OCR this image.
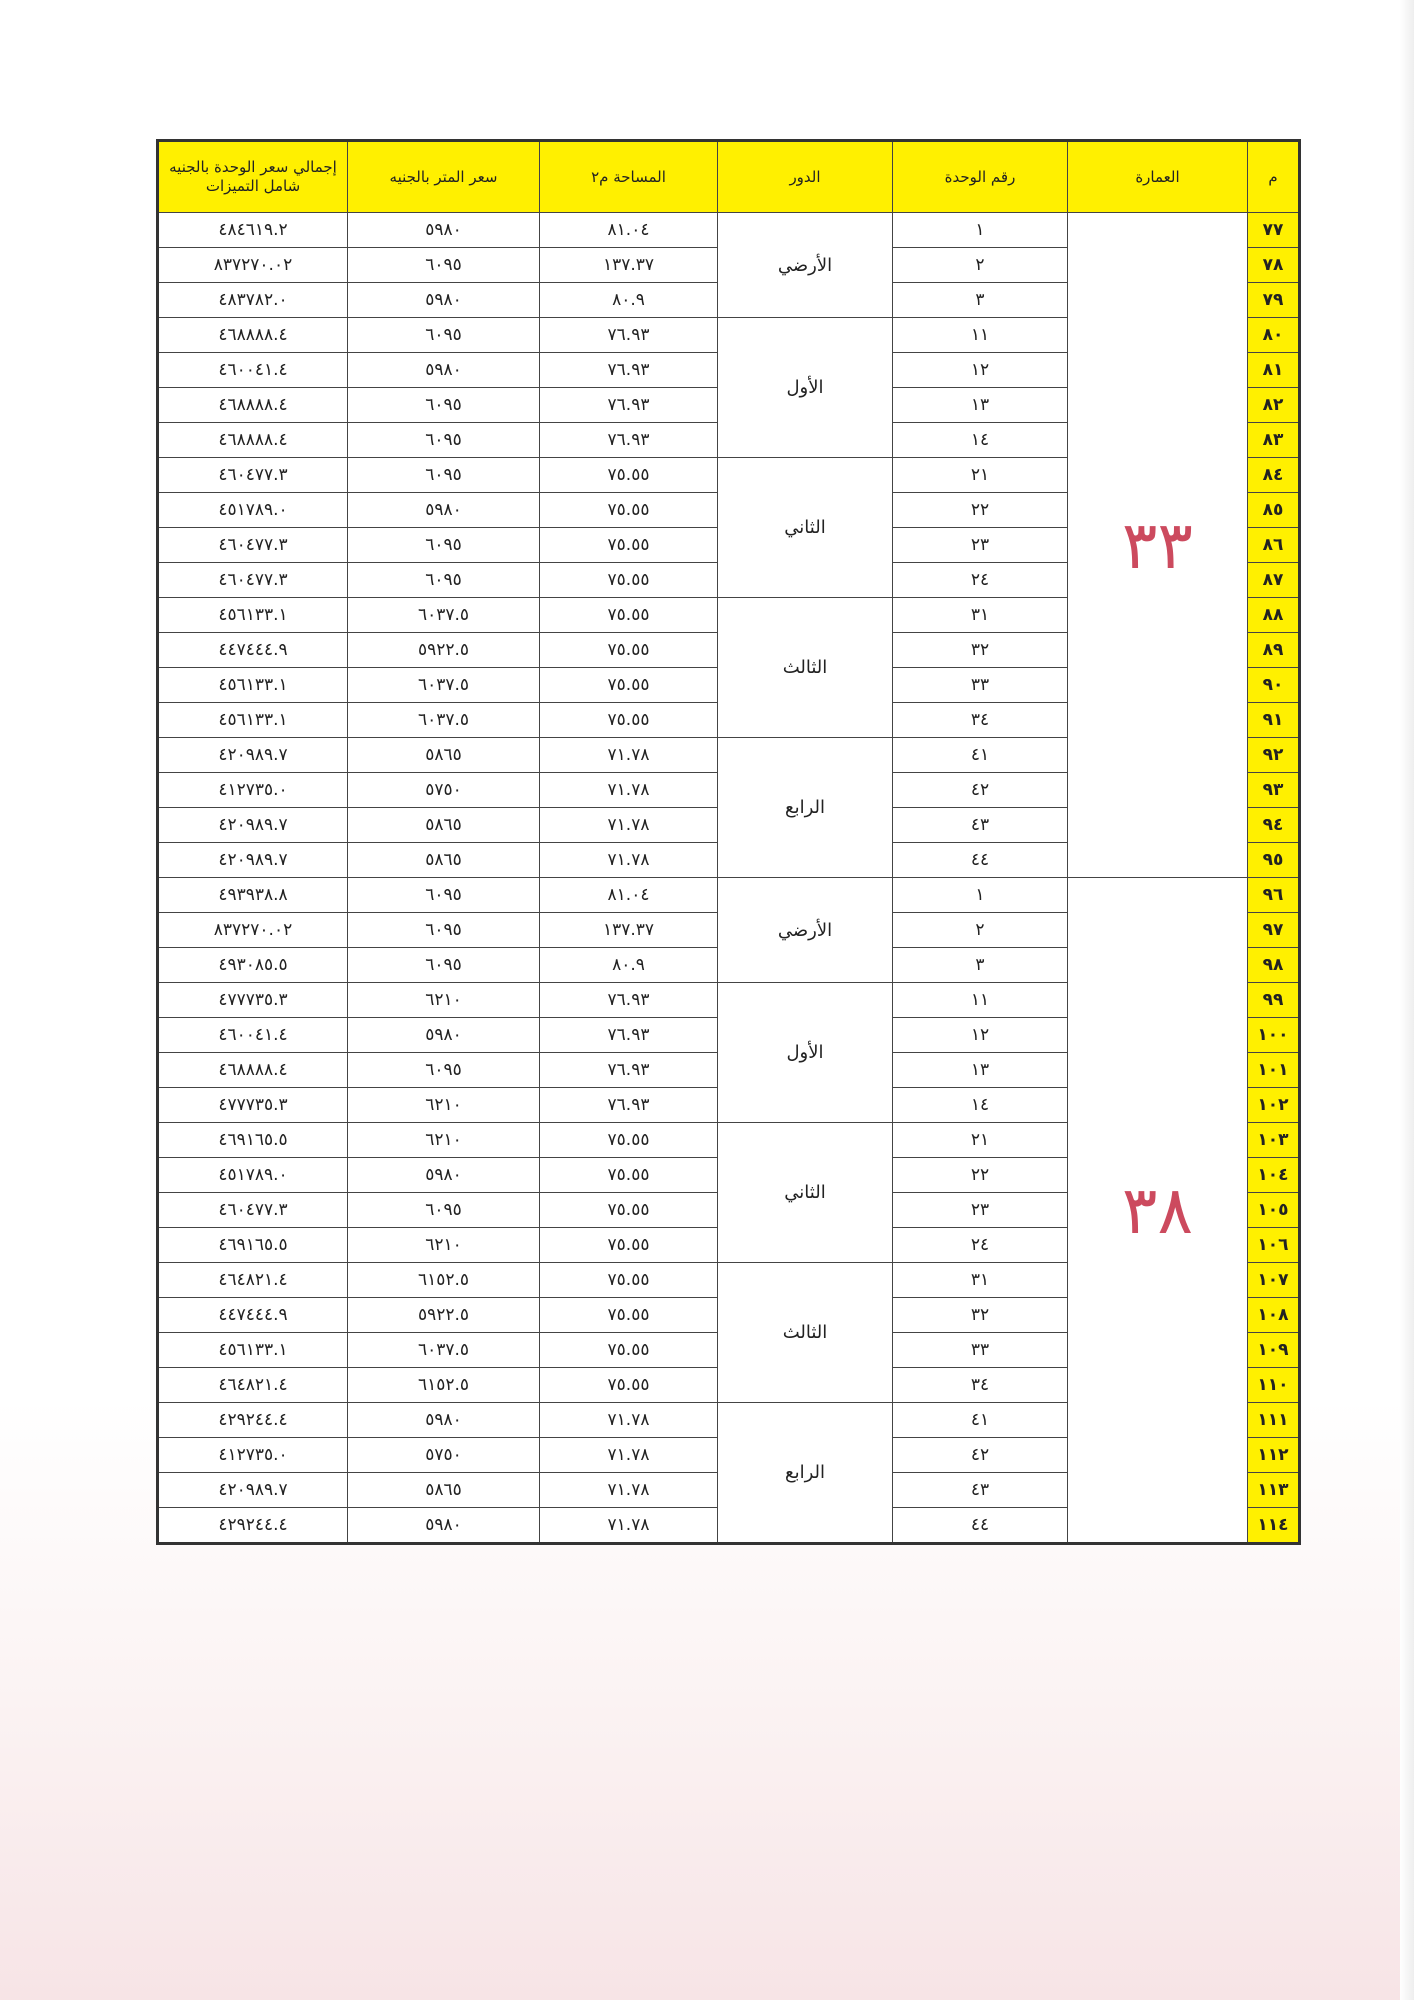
م	العمارة	رقم الوحدة	الدور	المساحة م٢	سعر المتر بالجنيه	إجمالي سعر الوحدة بالجنيه شامل التميزات
٧٧	٣٣	١	الأرضي	٨١.٠٤	٥٩٨٠	٤٨٤٦١٩.٢
٧٨		٢		١٣٧.٣٧	٦٠٩٥	٨٣٧٢٧٠.٠٢
٧٩		٣		٨٠.٩	٥٩٨٠	٤٨٣٧٨٢.٠
٨٠		١١	الأول	٧٦.٩٣	٦٠٩٥	٤٦٨٨٨٨.٤
٨١		١٢		٧٦.٩٣	٥٩٨٠	٤٦٠٠٤١.٤
٨٢		١٣		٧٦.٩٣	٦٠٩٥	٤٦٨٨٨٨.٤
٨٣		١٤		٧٦.٩٣	٦٠٩٥	٤٦٨٨٨٨.٤
٨٤		٢١	الثاني	٧٥.٥٥	٦٠٩٥	٤٦٠٤٧٧.٣
٨٥		٢٢		٧٥.٥٥	٥٩٨٠	٤٥١٧٨٩.٠
٨٦		٢٣		٧٥.٥٥	٦٠٩٥	٤٦٠٤٧٧.٣
٨٧		٢٤		٧٥.٥٥	٦٠٩٥	٤٦٠٤٧٧.٣
٨٨		٣١	الثالث	٧٥.٥٥	٦٠٣٧.٥	٤٥٦١٣٣.١
٨٩		٣٢		٧٥.٥٥	٥٩٢٢.٥	٤٤٧٤٤٤.٩
٩٠		٣٣		٧٥.٥٥	٦٠٣٧.٥	٤٥٦١٣٣.١
٩١		٣٤		٧٥.٥٥	٦٠٣٧.٥	٤٥٦١٣٣.١
٩٢		٤١	الرابع	٧١.٧٨	٥٨٦٥	٤٢٠٩٨٩.٧
٩٣		٤٢		٧١.٧٨	٥٧٥٠	٤١٢٧٣٥.٠
٩٤		٤٣		٧١.٧٨	٥٨٦٥	٤٢٠٩٨٩.٧
٩٥		٤٤		٧١.٧٨	٥٨٦٥	٤٢٠٩٨٩.٧
٩٦	٣٨	١	الأرضي	٨١.٠٤	٦٠٩٥	٤٩٣٩٣٨.٨
٩٧		٢		١٣٧.٣٧	٦٠٩٥	٨٣٧٢٧٠.٠٢
٩٨		٣		٨٠.٩	٦٠٩٥	٤٩٣٠٨٥.٥
٩٩		١١	الأول	٧٦.٩٣	٦٢١٠	٤٧٧٧٣٥.٣
١٠٠		١٢		٧٦.٩٣	٥٩٨٠	٤٦٠٠٤١.٤
١٠١		١٣		٧٦.٩٣	٦٠٩٥	٤٦٨٨٨٨.٤
١٠٢		١٤		٧٦.٩٣	٦٢١٠	٤٧٧٧٣٥.٣
١٠٣		٢١	الثاني	٧٥.٥٥	٦٢١٠	٤٦٩١٦٥.٥
١٠٤		٢٢		٧٥.٥٥	٥٩٨٠	٤٥١٧٨٩.٠
١٠٥		٢٣		٧٥.٥٥	٦٠٩٥	٤٦٠٤٧٧.٣
١٠٦		٢٤		٧٥.٥٥	٦٢١٠	٤٦٩١٦٥.٥
١٠٧		٣١	الثالث	٧٥.٥٥	٦١٥٢.٥	٤٦٤٨٢١.٤
١٠٨		٣٢		٧٥.٥٥	٥٩٢٢.٥	٤٤٧٤٤٤.٩
١٠٩		٣٣		٧٥.٥٥	٦٠٣٧.٥	٤٥٦١٣٣.١
١١٠		٣٤		٧٥.٥٥	٦١٥٢.٥	٤٦٤٨٢١.٤
١١١		٤١	الرابع	٧١.٧٨	٥٩٨٠	٤٢٩٢٤٤.٤
١١٢		٤٢		٧١.٧٨	٥٧٥٠	٤١٢٧٣٥.٠
١١٣		٤٣		٧١.٧٨	٥٨٦٥	٤٢٠٩٨٩.٧
١١٤		٤٤		٧١.٧٨	٥٩٨٠	٤٢٩٢٤٤.٤
